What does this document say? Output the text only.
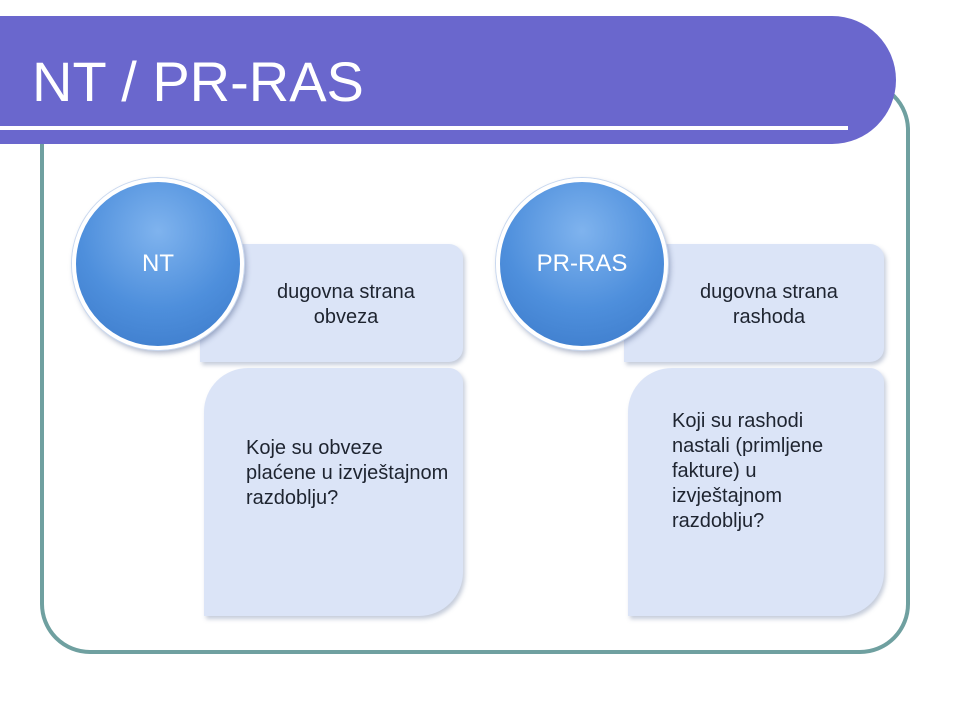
NT / PR-RAS
dugovna strana obveza
Koje su obveze plaćene u izvještajnom razdoblju?
NT
dugovna strana rashoda
Koji su rashodi nastali (primljene fakture) u izvještajnom razdoblju?
PR-RAS
